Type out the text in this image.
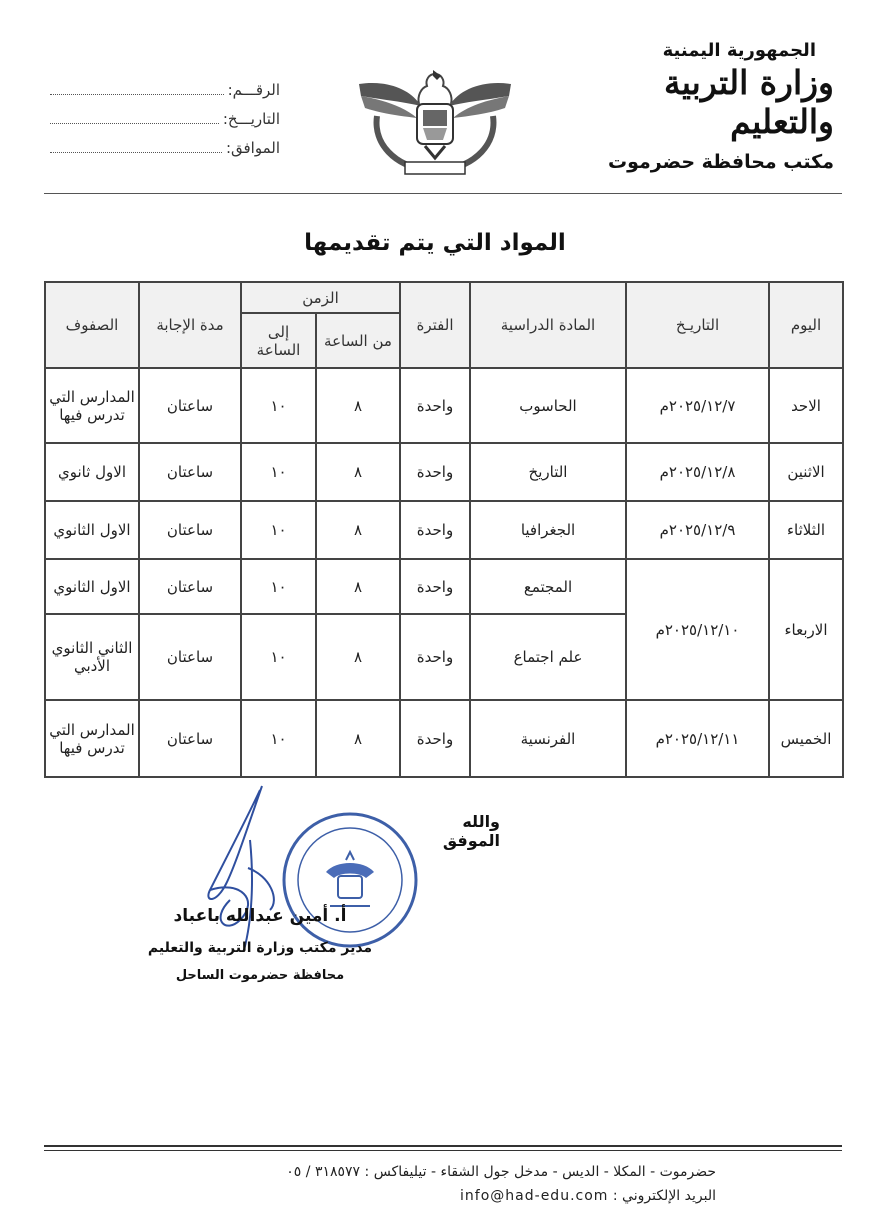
الجمهورية اليمنية
وزارة التربية والتعليم
مكتب محافظة حضرموت
الرقـــم:
التاريـــخ:
الموافق:
المواد التي يتم تقديمها
اليوم	التاريـخ	المادة الدراسية	الفترة	الزمن		مدة الإجابة	الصفوف
				من الساعة	إلى الساعة		
الاحد	٢٠٢٥/١٢/٧م	الحاسوب	واحدة	٨	١٠	ساعتان	المدارس التي تدرس فيها
الاثنين	٢٠٢٥/١٢/٨م	التاريخ	واحدة	٨	١٠	ساعتان	الاول ثانوي
الثلاثاء	٢٠٢٥/١٢/٩م	الجغرافيا	واحدة	٨	١٠	ساعتان	الاول الثانوي
الاربعاء	٢٠٢٥/١٢/١٠م	المجتمع	واحدة	٨	١٠	ساعتان	الاول الثانوي
		علم اجتماع	واحدة	٨	١٠	ساعتان	الثاني الثانوي الأدبي
الخميس	٢٠٢٥/١٢/١١م	الفرنسية	واحدة	٨	١٠	ساعتان	المدارس التي تدرس فيها
والله الموفق
أ. أمين عبدالله باعباد
مدير مكتب وزارة التربية والتعليم
محافظة حضرموت الساحل
حضرموت - المكلا - الديس - مدخل جول الشقاء - تيليفاكس : ٣١٨٥٧٧ / ٠٥
البريد الإلكتروني : info@had-edu.com
